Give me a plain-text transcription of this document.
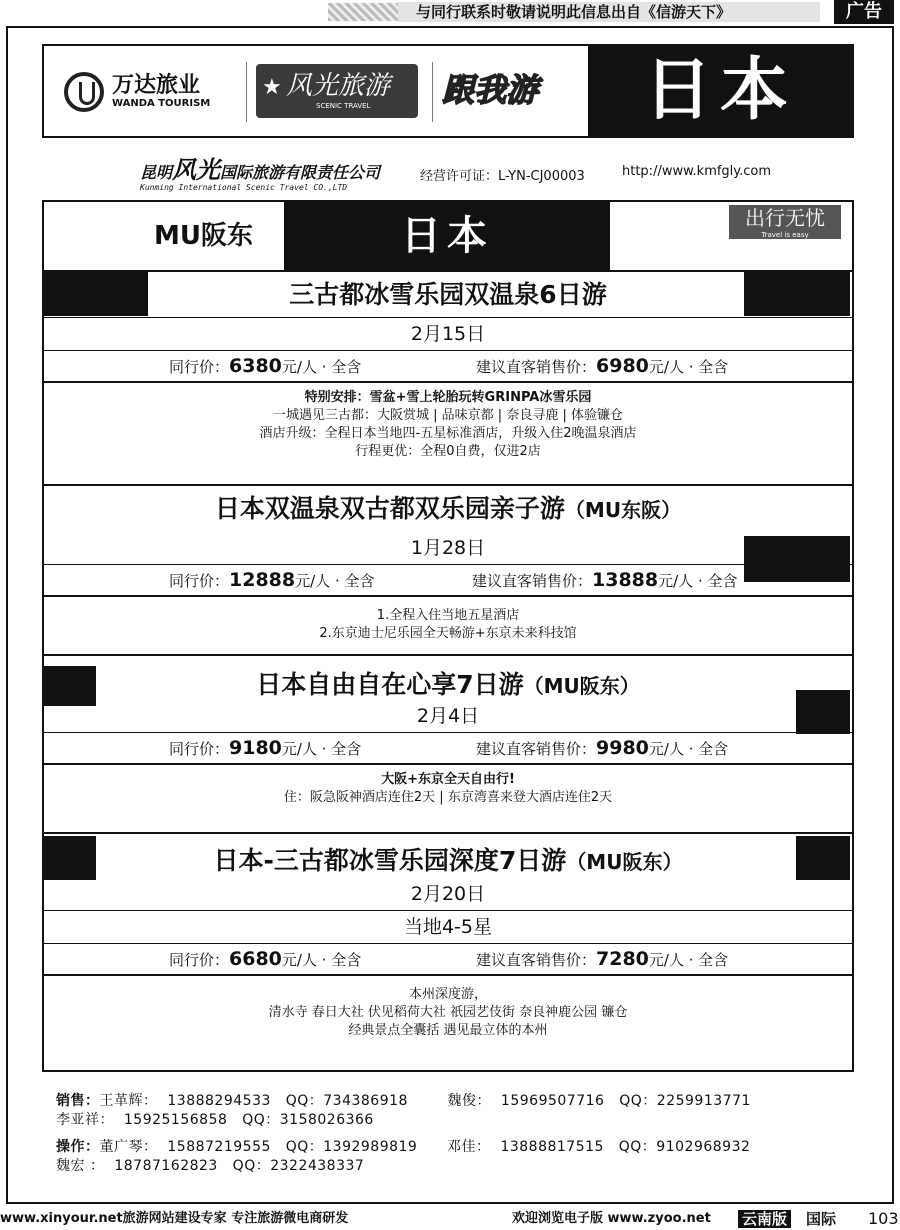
与同行联系时敬请说明此信息出自《信游天下》	广告
万达旅业
WANDA TOURISM
★ 风光旅游
SCENIC TRAVEL 跟我游	日本
昆明风光国际旅游有限责任公司
Kunming International Scenic Travel CO.,LTD
经营许可证：L-YN-CJ00003	http://www.kmfgly.com
MU阪东	日本	出行无忧
Travel is easy
三古都冰雪乐园双温泉6日游
2月15日
同行价：6380元/人 · 全含	建议直客销售价：6980元/人 · 全含
特别安排：雪盆+雪上轮胎玩转GRINPA冰雪乐园
一城遇见三古都：大阪赏城 | 品味京都 | 奈良寻鹿 | 体验镰仓
酒店升级：全程日本当地四-五星标准酒店，升级入住2晚温泉酒店
行程更优：全程0自费，仅进2店
日本双温泉双古都双乐园亲子游（MU东阪）
1月28日
同行价：12888元/人 · 全含	建议直客销售价：13888元/人 · 全含
1.全程入住当地五星酒店
2.东京迪士尼乐园全天畅游+东京未来科技馆
日本自由自在心享7日游（MU阪东）
2月4日
同行价：9180元/人 · 全含	建议直客销售价：9980元/人 · 全含
大阪+东京全天自由行!
住：阪急阪神酒店连住2天 | 东京湾喜来登大酒店连住2天
日本-三古都冰雪乐园深度7日游（MU阪东）
2月20日
当地4-5星
同行价：6680元/人 · 全含	建议直客销售价：7280元/人 · 全含
本州深度游，
清水寺 春日大社 伏见稻荷大社 祇园艺伎街 奈良神鹿公园 镰仓
经典景点全囊括 遇见最立体的本州
销售：王革辉：  13888294533   QQ：734386918        魏俊：  15969507716   QQ：2259913771
李亚祥：  15925156858   QQ：3158026366
操作：董广琴：  15887219555   QQ：1392989819      邓佳：  13888817515   QQ：9102968932
魏宏 ：  18787162823   QQ：2322438337
www.xinyour.net旅游网站建设专家 专注旅游微电商研发	欢迎浏览电子版 www.zyoo.net 云南版 国际 103
